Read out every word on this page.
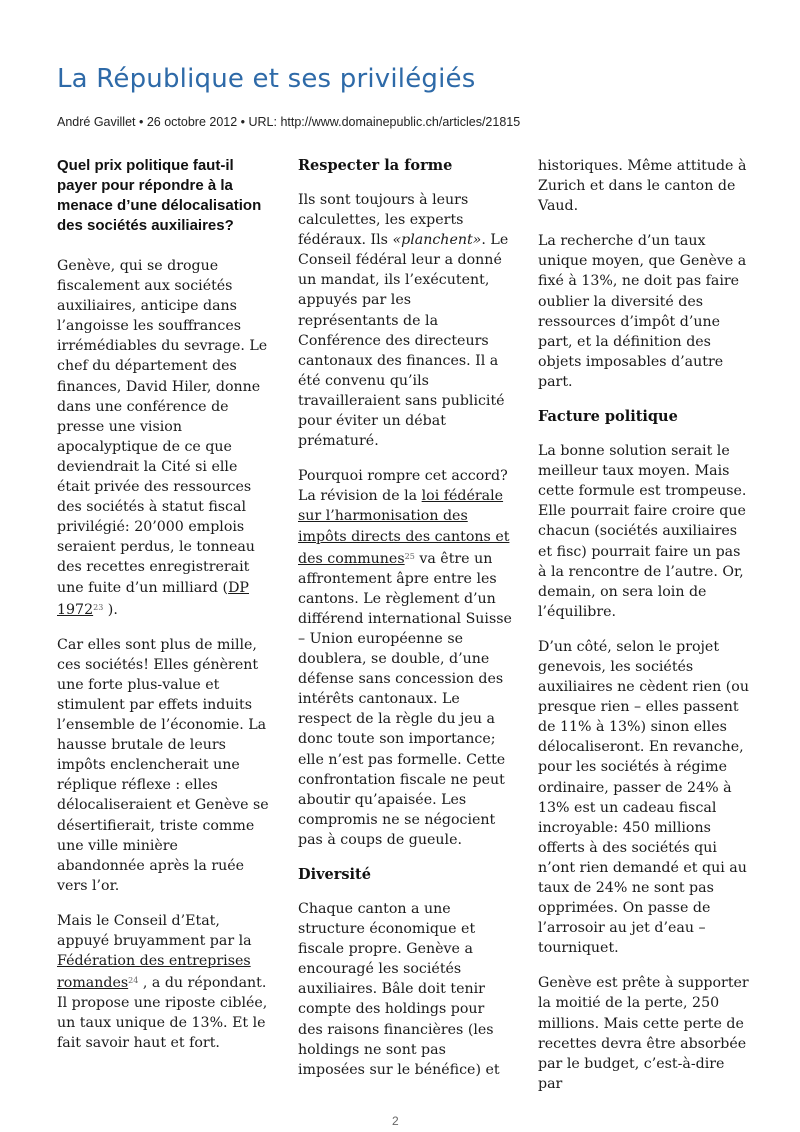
La République et ses privilégiés
André Gavillet • 26 octobre 2012 • URL: http://www.domainepublic.ch/articles/21815
Quel prix politique faut-il payer pour répondre à la menace d’une délocalisation des sociétés auxiliaires?

Genève, qui se drogue fiscalement aux sociétés auxiliaires, anticipe dans l’angoisse les souffrances irrémédiables du sevrage. Le chef du département des finances, David Hiler, donne dans une conférence de presse une vision apocalyptique de ce que deviendrait la Cité si elle était privée des ressources des sociétés à statut fiscal privilégié: 20’000 emplois seraient perdus, le tonneau des recettes enregistrerait une fuite d’un milliard (DP 1972$^{23}$ ).

Car elles sont plus de mille, ces sociétés! Elles génèrent une forte plus-value et stimulent par effets induits l’ensemble de l’économie. La hausse brutale de leurs impôts enclencherait une réplique réflexe : elles délocaliseraient et Genève se désertifierait, triste comme une ville minière abandonnée après la ruée vers l’or.

Mais le Conseil d’Etat, appuyé bruyamment par la Fédération des entreprises romandes$^{24}$ , a du répondant. Il propose une riposte ciblée, un taux unique de 13%. Et le fait savoir haut et fort.

Respecter la forme

Ils sont toujours à leurs calculettes, les experts fédéraux. Ils «planchent». Le Conseil fédéral leur a donné un mandat, ils l’exécutent, appuyés par les représentants de la Conférence des directeurs cantonaux des finances. Il a été convenu qu’ils travailleraient sans publicité pour éviter un débat prématuré.

Pourquoi rompre cet accord? La révision de la loi fédérale sur l’harmonisation des impôts directs des cantons et des communes$^{25}$ va être un affrontement âpre entre les cantons. Le règlement d’un différend international Suisse – Union européenne se doublera, se double, d’une défense sans concession des intérêts cantonaux. Le respect de la règle du jeu a donc toute son importance; elle n’est pas formelle. Cette confrontation fiscale ne peut aboutir qu’apaisée. Les compromis ne se négocient pas à coups de gueule.

Diversité

Chaque canton a une structure économique et fiscale propre. Genève a encouragé les sociétés auxiliaires. Bâle doit tenir compte des holdings pour des raisons financières (les holdings ne sont pas imposées sur le bénéfice) et

historiques. Même attitude à Zurich et dans le canton de Vaud.

La recherche d’un taux unique moyen, que Genève a fixé à 13%, ne doit pas faire oublier la diversité des ressources d’impôt d’une part, et la définition des objets imposables d’autre part.

Facture politique

La bonne solution serait le meilleur taux moyen. Mais cette formule est trompeuse. Elle pourrait faire croire que chacun (sociétés auxiliaires et fisc) pourrait faire un pas à la rencontre de l’autre. Or, demain, on sera loin de l’équilibre.

D’un côté, selon le projet genevois, les sociétés auxiliaires ne cèdent rien (ou presque rien – elles passent de 11% à 13%) sinon elles délocaliseront. En revanche, pour les sociétés à régime ordinaire, passer de 24% à 13% est un cadeau fiscal incroyable: 450 millions offerts à des sociétés qui n’ont rien demandé et qui au taux de 24% ne sont pas opprimées. On passe de l’arrosoir au jet d’eau – tourniquet.

Genève est prête à supporter la moitié de la perte, 250 millions. Mais cette perte de recettes devra être absorbée par le budget, c’est-à-dire par

2
